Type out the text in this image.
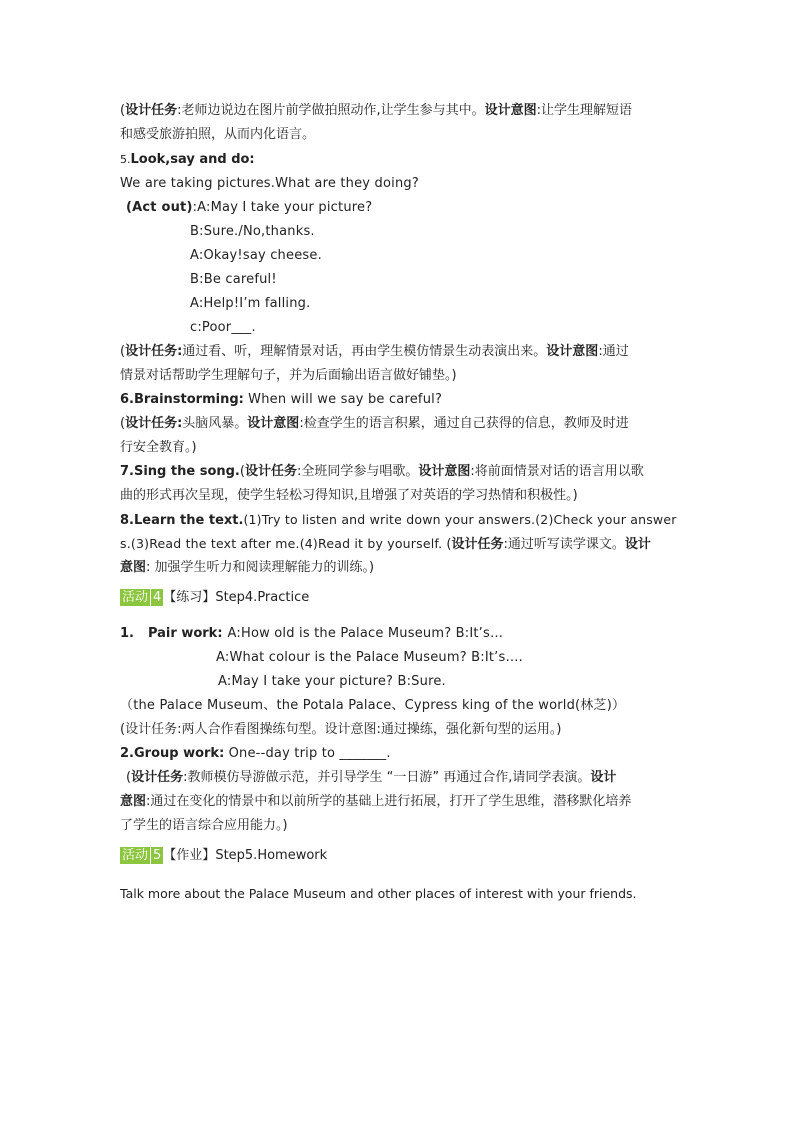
(设计任务:老师边说边在图片前学做拍照动作,让学生参与其中。设计意图:让学生理解短语
和感受旅游拍照，从而内化语言。
5.Look,say and do:
We are taking pictures.What are they doing?
(Act out):A:May I take your picture?
B:Sure./No,thanks.
A:Okay!say cheese.
B:Be careful!
A:Help!I’m falling.
c:Poor___.
(设计任务:通过看、听，理解情景对话，再由学生模仿情景生动表演出来。设计意图:通过
情景对话帮助学生理解句子，并为后面输出语言做好铺垫。)
6.Brainstorming: When will we say be careful?
(设计任务:头脑风暴。设计意图:检查学生的语言积累，通过自己获得的信息，教师及时进
行安全教育。)
7.Sing the song.(设计任务:全班同学参与唱歌。设计意图:将前面情景对话的语言用以歌
曲的形式再次呈现，使学生轻松习得知识,且增强了对英语的学习热情和积极性。)
8.Learn the text.(1)Try to listen and write down your answers.(2)Check your answer
s.(3)Read the text after me.(4)Read it by yourself. (设计任务:通过听写读学课文。设计
意图: 加强学生听力和阅读理解能力的训练。)
活动 4 【练习】Step4.Practice
1. Pair work: A:How old is the Palace Museum? B:It’s…
A:What colour is the Palace Museum? B:It’s….
A:May I take your picture? B:Sure.
（the Palace Museum、the Potala Palace、Cypress king of the world(林芝)）
(设计任务:两人合作看图操练句型。设计意图:通过操练，强化新句型的运用。)
2.Group work: One--day trip to _______.
(设计任务:教师模仿导游做示范，并引导学生 “一日游” 再通过合作,请同学表演。设计
意图:通过在变化的情景中和以前所学的基础上进行拓展，打开了学生思维，潜移默化培养
了学生的语言综合应用能力。)
活动 5 【作业】Step5.Homework
Talk more about the Palace Museum and other places of interest with your friends.
